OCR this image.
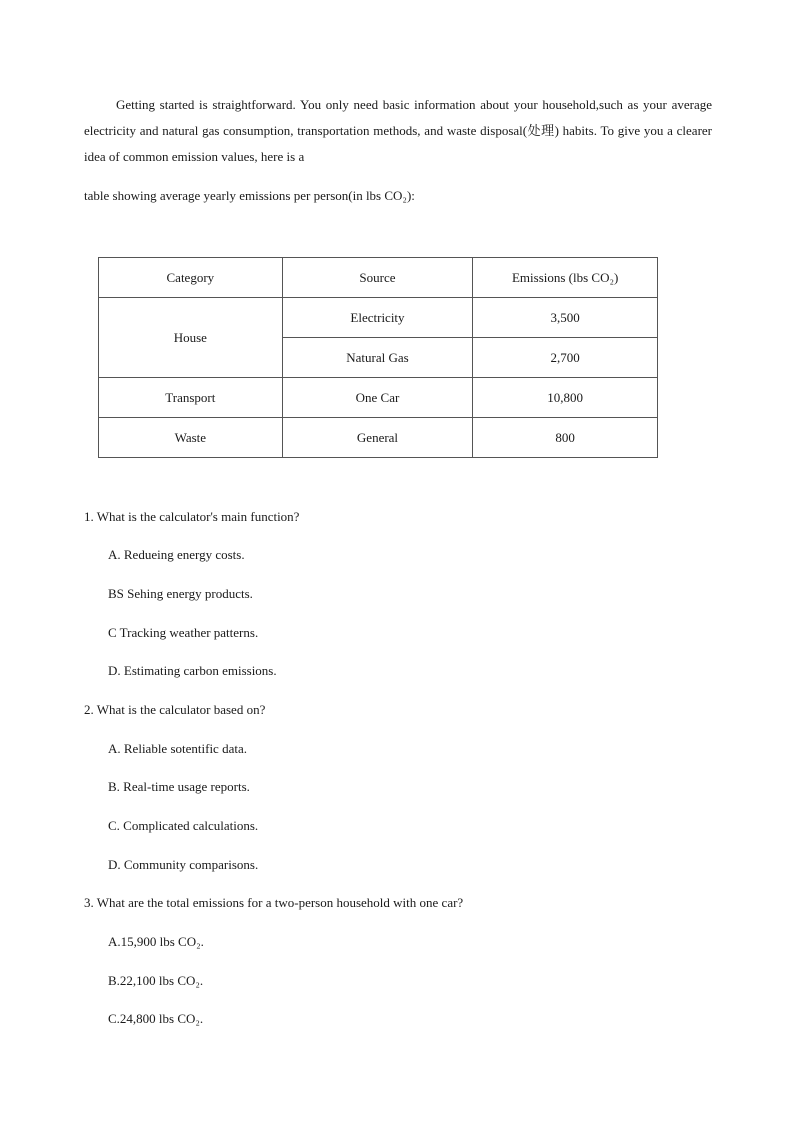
Getting started is straightforward. You only need basic information about your household,such as your average electricity and natural gas consumption, transportation methods, and waste disposal(处理) habits. To give you a clearer idea of common emission values, here is a

table showing average yearly emissions per person(in lbs CO₂):

Category	Source	Emissions (lbs CO₂)
House	Electricity	3,500
	Natural Gas	2,700
Transport	One Car	10,800
Waste	General	800

1. What is the calculator's main function?

A. Redueing energy costs.

BS Sehing energy products.

C Tracking weather patterns.

D. Estimating carbon emissions.

2. What is the calculator based on?

A. Reliable sotentific data.

B. Real-time usage reports.

C. Complicated calculations.

D. Community comparisons.

3. What are the total emissions for a two-person household with one car?

A.15,900 lbs CO₂.

B.22,100 lbs CO₂.

C.24,800 lbs CO₂.
